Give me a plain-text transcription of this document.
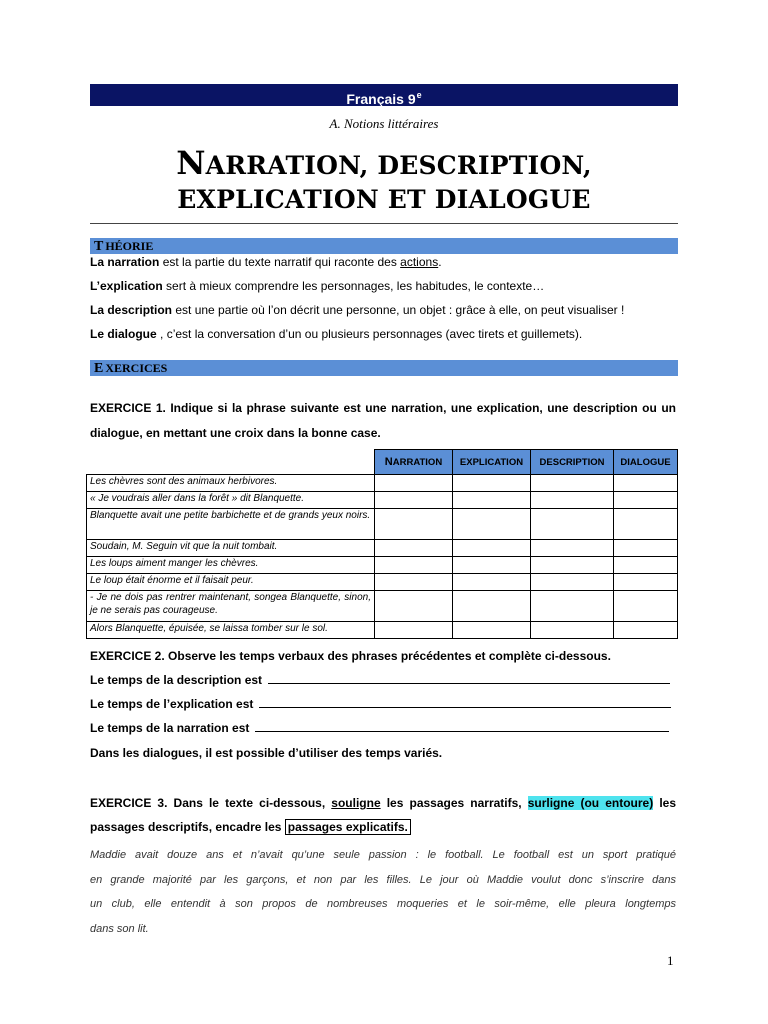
Français 9e
A. Notions littéraires
NARRATION, DESCRIPTION,
EXPLICATION ET DIALOGUE
T HÉORIE
La narration est la partie du texte narratif qui raconte des actions.
L’explication sert à mieux comprendre les personnages, les habitudes, le contexte…
La description est une partie où l’on décrit une personne, un objet : grâce à elle, on peut visualiser !
Le dialogue , c’est la conversation d’un ou plusieurs personnages (avec tirets et guillemets).
E XERCICES
EXERCICE 1. Indique si la phrase suivante est une narration, une explication, une description ou un
dialogue, en mettant une croix dans la bonne case.
	NARRATION	EXPLICATION	DESCRIPTION	DIALOGUE
Les chèvres sont des animaux herbivores.				
« Je voudrais aller dans la forêt » dit Blanquette.				
Blanquette avait une petite barbichette et de grands yeux noirs.				
Soudain, M. Seguin vit que la nuit tombait.				
Les loups aiment manger les chèvres.				
Le loup était énorme et il faisait peur.				
- Je ne dois pas rentrer maintenant, songea Blanquette, sinon, je ne serais pas courageuse.				
Alors Blanquette, épuisée, se laissa tomber sur le sol.				
EXERCICE 2. Observe les temps verbaux des phrases précédentes et complète ci-dessous.
Le temps de la description est
Le temps de l’explication est
Le temps de la narration est
Dans les dialogues, il est possible d’utiliser des temps variés.
EXERCICE 3. Dans le texte ci-dessous, souligne les passages narratifs, surligne (ou entoure) les
passages descriptifs, encadre les passages explicatifs.
Maddie avait douze ans et n’avait qu’une seule passion : le football. Le football est un sport pratiqué
en grande majorité par les garçons, et non par les filles. Le jour où Maddie voulut donc s’inscrire dans
un club, elle entendit à son propos de nombreuses moqueries et le soir-même, elle pleura longtemps
dans son lit.
1
